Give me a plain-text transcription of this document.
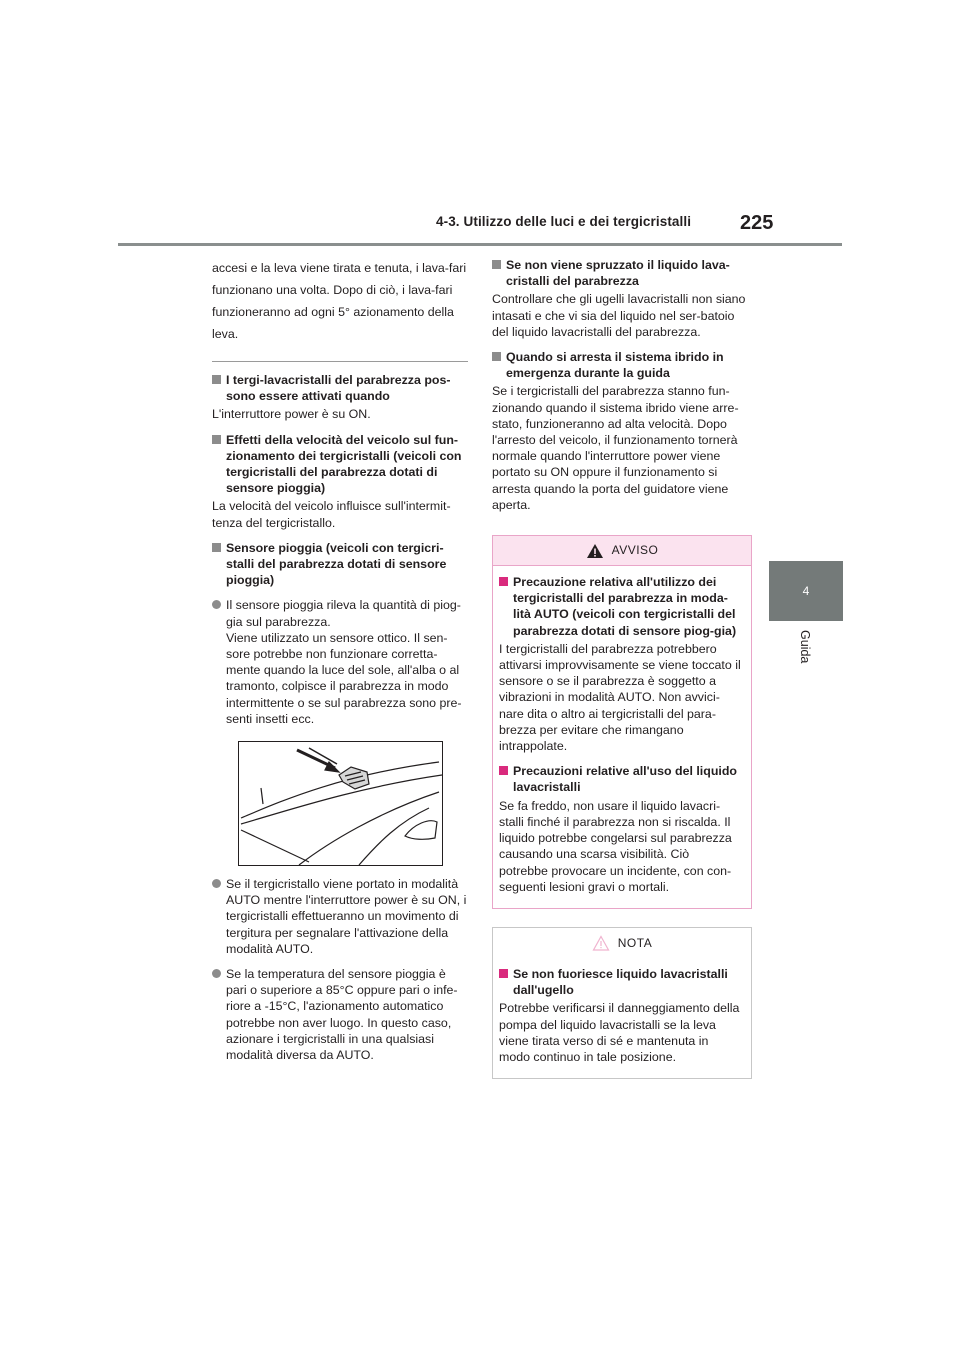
4-3. Utilizzo delle luci e dei tergicristalli 225
4
Guida

accesi e la leva viene tirata e tenuta, i lava-fari funzionano una volta. Dopo di ciò, i lava-fari funzioneranno ad ogni 5° azionamento della leva.

I tergi-lavacristalli del parabrezza pos-sono essere attivati quando

L'interruttore power è su ON.

Effetti della velocità del veicolo sul fun-zionamento dei tergicristalli (veicoli con tergicristalli del parabrezza dotati di sensore pioggia)

La velocità del veicolo influisce sull'intermit-tenza del tergicristallo.

Sensore pioggia (veicoli con tergicri-stalli del parabrezza dotati di sensore pioggia)

Il sensore pioggia rileva la quantità di piog-gia sul parabrezza.

Viene utilizzato un sensore ottico. Il sen-sore potrebbe non funzionare corretta-mente quando la luce del sole, all'alba o al tramonto, colpisce il parabrezza in modo intermittente o se sul parabrezza sono pre-senti insetti ecc.

Se il tergicristallo viene portato in modalità AUTO mentre l'interruttore power è su ON, i tergicristalli effettueranno un movimento di tergitura per segnalare l'attivazione della modalità AUTO.

Se la temperatura del sensore pioggia è pari o superiore a 85°C oppure pari o infe-riore a -15°C, l'azionamento automatico potrebbe non aver luogo. In questo caso, azionare i tergicristalli in una qualsiasi modalità diversa da AUTO.

Se non viene spruzzato il liquido lava-cristalli del parabrezza

Controllare che gli ugelli lavacristalli non siano intasati e che vi sia del liquido nel ser-batoio del liquido lavacristalli del parabrezza.

Quando si arresta il sistema ibrido in emergenza durante la guida

Se i tergicristalli del parabrezza stanno fun-zionando quando il sistema ibrido viene arre-stato, funzioneranno ad alta velocità. Dopo l'arresto del veicolo, il funzionamento tornerà normale quando l'interruttore power viene portato su ON oppure il funzionamento si arresta quando la porta del guidatore viene aperta.

AVVISO
Precauzione relativa all'utilizzo dei tergicristalli del parabrezza in moda-lità AUTO (veicoli con tergicristalli del parabrezza dotati di sensore piog-gia)

I tergicristalli del parabrezza potrebbero attivarsi improvvisamente se viene toccato il sensore o se il parabrezza è soggetto a vibrazioni in modalità AUTO. Non avvici-nare dita o altro ai tergicristalli del para-brezza per evitare che rimangano intrappolate.

Precauzioni relative all'uso del liquido lavacristalli

Se fa freddo, non usare il liquido lavacri-stalli finché il parabrezza non si riscalda. Il liquido potrebbe congelarsi sul parabrezza causando una scarsa visibilità. Ciò potrebbe provocare un incidente, con con-seguenti lesioni gravi o mortali.

NOTA
Se non fuoriesce liquido lavacristalli dall'ugello

Potrebbe verificarsi il danneggiamento della pompa del liquido lavacristalli se la leva viene tirata verso di sé e mantenuta in modo continuo in tale posizione.
